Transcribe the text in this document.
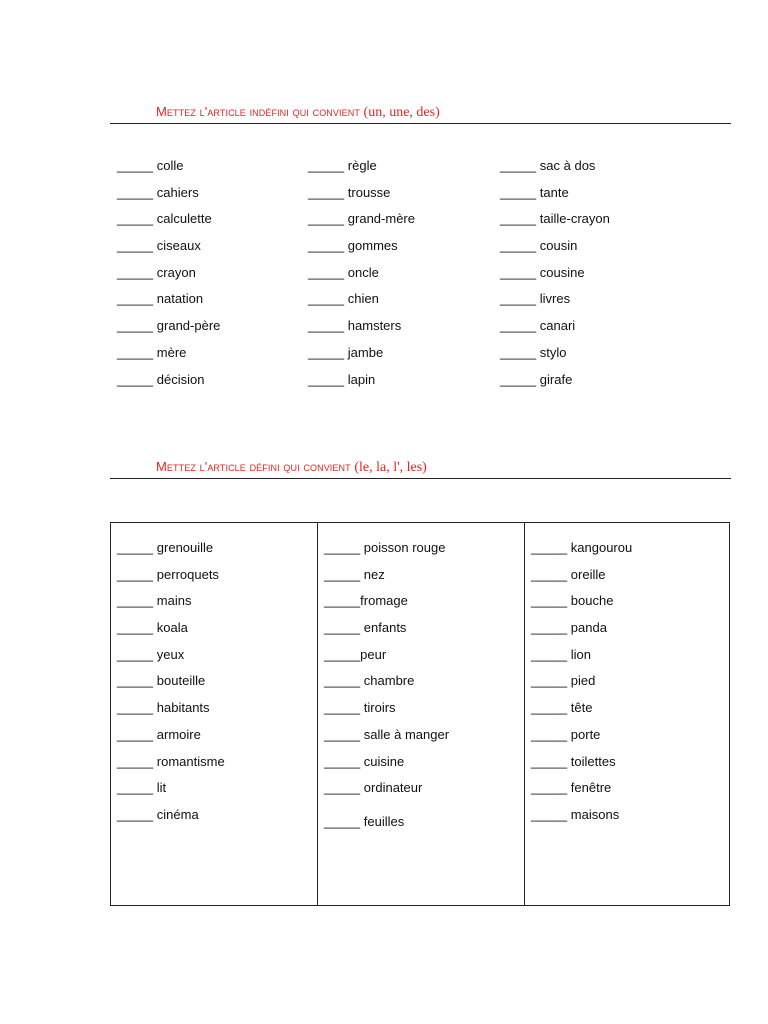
Mettez l'article indéfini qui convient (un, une, des)
_____ colle
_____ cahiers
_____ calculette
_____ ciseaux
_____ crayon
_____ natation
_____ grand-père
_____ mère
_____ décision
_____ règle
_____ trousse
_____ grand-mère
_____ gommes
_____ oncle
_____ chien
_____ hamsters
_____ jambe
_____ lapin
_____ sac à dos
_____ tante
_____ taille-crayon
_____ cousin
_____ cousine
_____ livres
_____ canari
_____ stylo
_____ girafe
Mettez l'article défini qui convient (le, la, l', les)
_____ grenouille
_____ perroquets
_____ mains
_____ koala
_____ yeux
_____ bouteille
_____ habitants
_____ armoire
_____ romantisme
_____ lit
_____ cinéma
_____ poisson rouge
_____ nez
_____fromage
_____ enfants
_____peur
_____ chambre
_____ tiroirs
_____ salle à manger
_____ cuisine
_____ ordinateur
_____ feuilles
_____ kangourou
_____ oreille
_____ bouche
_____ panda
_____ lion
_____ pied
_____ tête
_____ porte
_____ toilettes
_____ fenêtre
_____ maisons
